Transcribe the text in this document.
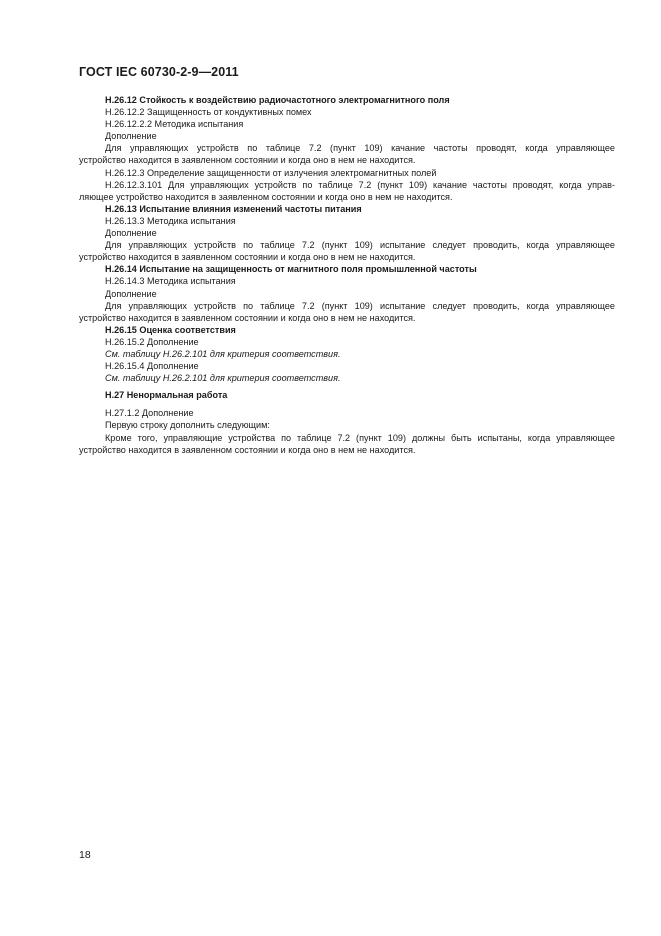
ГОСТ IEC 60730-2-9—2011
H.26.12 Стойкость к воздействию радиочастотного электромагнитного поля
H.26.12.2 Защищенность от кондуктивных помех
H.26.12.2.2 Методика испытания
Дополнение
Для управляющих устройств по таблице 7.2 (пункт 109) качание частоты проводят, когда управляющее
устройство находится в заявленном состоянии и когда оно в нем не находится.
H.26.12.3 Определение защищенности от излучения электромагнитных полей
H.26.12.3.101 Для управляющих устройств по таблице 7.2 (пункт 109) качание частоты проводят, когда управ-
ляющее устройство находится в заявленном состоянии и когда оно в нем не находится.
H.26.13 Испытание влияния изменений частоты питания
H.26.13.3 Методика испытания
Дополнение
Для управляющих устройств по таблице 7.2 (пункт 109) испытание следует проводить, когда управляющее
устройство находится в заявленном состоянии и когда оно в нем не находится.
H.26.14 Испытание на защищенность от магнитного поля промышленной частоты
H.26.14.3 Методика испытания
Дополнение
Для управляющих устройств по таблице 7.2 (пункт 109) испытание следует проводить, когда управляющее
устройство находится в заявленном состоянии и когда оно в нем не находится.
H.26.15 Оценка соответствия
H.26.15.2 Дополнение
См. таблицу H.26.2.101 для критерия соответствия.
H.26.15.4 Дополнение
См. таблицу H.26.2.101 для критерия соответствия.
H.27 Ненормальная работа
H.27.1.2 Дополнение
Первую строку дополнить следующим:
Кроме того, управляющие устройства по таблице 7.2 (пункт 109) должны быть испытаны, когда управляющее
устройство находится в заявленном состоянии и когда оно в нем не находится.
18
